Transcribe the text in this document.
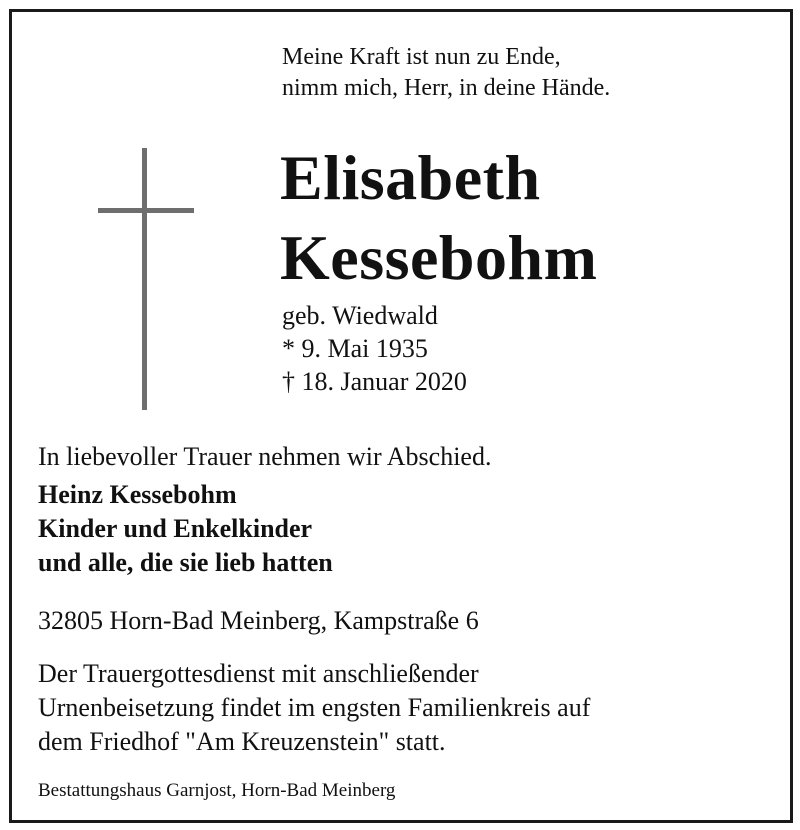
Meine Kraft ist nun zu Ende,
nimm mich, Herr, in deine Hände.
Elisabeth
Kessebohm
geb. Wiedwald
* 9. Mai 1935
† 18. Januar 2020
In liebevoller Trauer nehmen wir Abschied.
Heinz Kessebohm
Kinder und Enkelkinder
und alle, die sie lieb hatten
32805 Horn-Bad Meinberg, Kampstraße 6
Der Trauergottesdienst mit anschließender
Urnenbeisetzung findet im engsten Familienkreis auf
dem Friedhof "Am Kreuzenstein" statt.
Bestattungshaus Garnjost, Horn-Bad Meinberg
